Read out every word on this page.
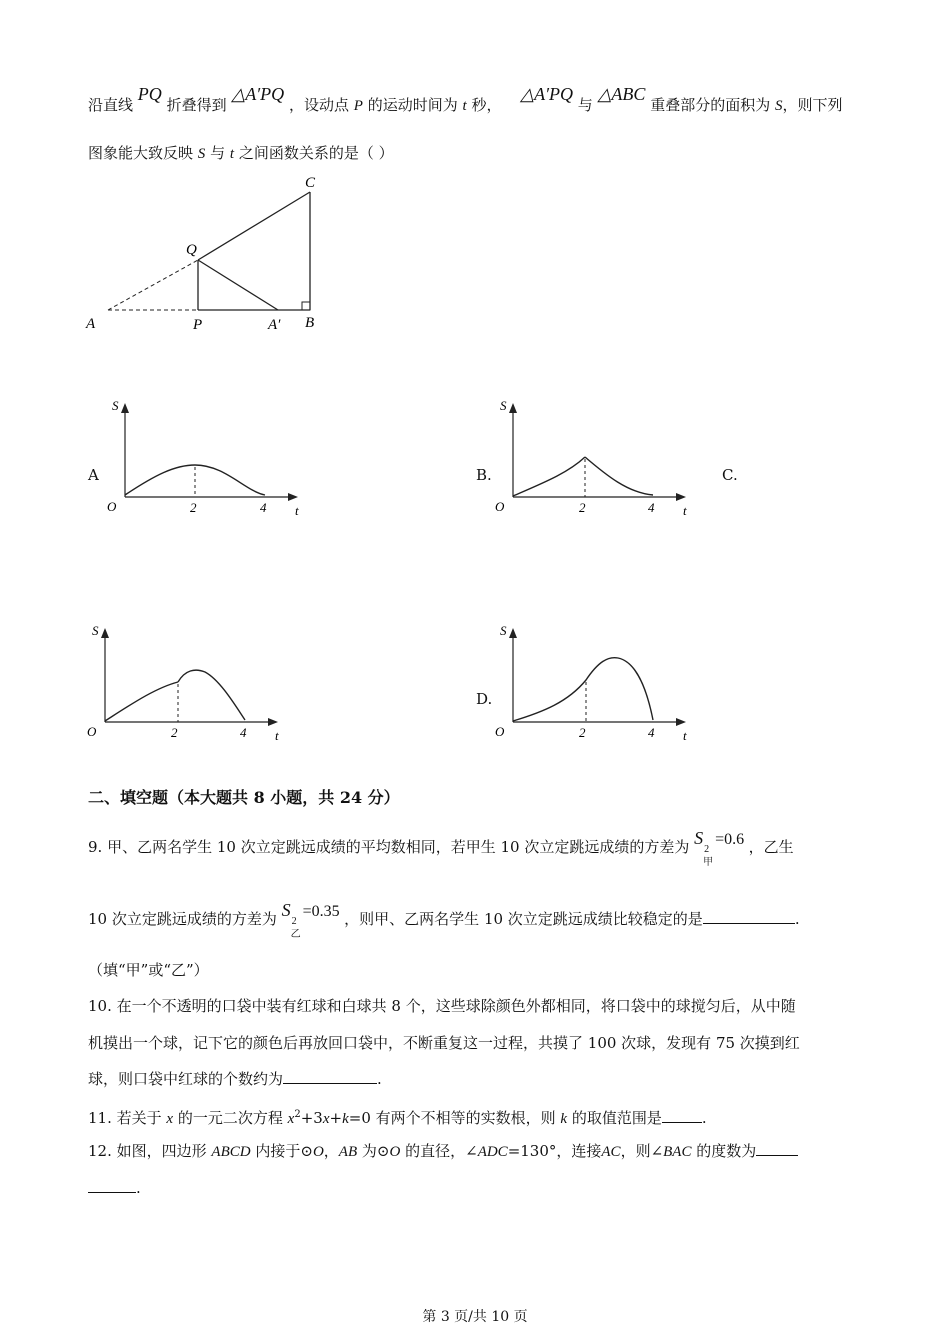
沿直线 PQ 折叠得到 △A′PQ ，设动点 P 的运动时间为 t 秒， △A′PQ 与 △ABC 重叠部分的面积为 S，则下列
图象能大致反映 S 与 t 之间函数关系的是（ ）
A	P	A′ B
Q
C
A	B.	C.
D.
S
t
O	2	4
S
t
O	2	4
S
t
O	2	4
S
t
O	2	4
二、填空题（本大题共 8 小题，共 24 分）
9. 甲、乙两名学生 10 次立定跳远成绩的平均数相同，若甲生 10 次立定跳远成绩的方差为 S
2
甲
=0.6 ，乙生
10 次立定跳远成绩的方差为 S
2
乙
=0.35 ，则甲、乙两名学生 10 次立定跳远成绩比较稳定的是	.
（填“甲”或“乙”）
10. 在一个不透明的口袋中装有红球和白球共 8 个，这些球除颜色外都相同，将口袋中的球搅匀后，从中随
机摸出一个球，记下它的颜色后再放回口袋中，不断重复这一过程，共摸了 100 次球，发现有 75 次摸到红
球，则口袋中红球的个数约为	.
11. 若关于 x 的一元二次方程 $x^2+3x+k=0$ 有两个不相等的实数根，则 k 的取值范围是	.
12. 如图，四边形 ABCD 内接于⊙O，AB 为⊙O 的直径，∠ADC=130°，连接AC，则∠BAC 的度数为
.
第 3 页/共 10 页
